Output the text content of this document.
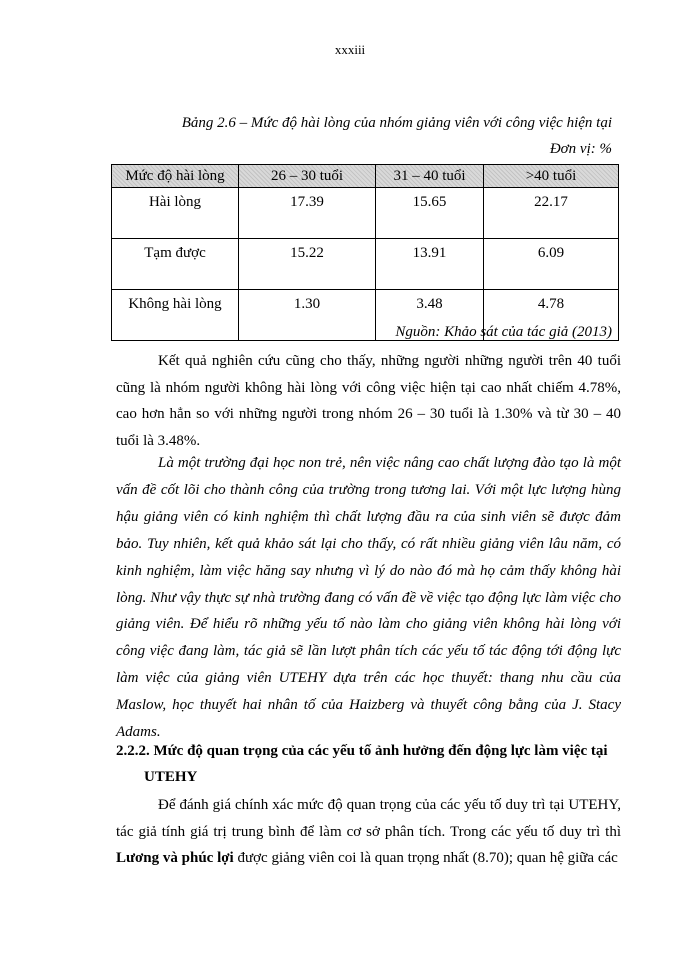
xxxiii
Bảng 2.6 – Mức độ hài lòng của nhóm giảng viên với công việc hiện tại
Đơn vị: %
Mức độ hài lòng	26 – 30 tuổi	31 – 40 tuổi	>40 tuổi
Hài lòng	17.39	15.65	22.17
Tạm được	15.22	13.91	6.09
Không hài lòng	1.30	3.48	4.78
Nguồn: Khảo sát của tác giả (2013)

Kết quả nghiên cứu cũng cho thấy, những người những người trên 40 tuổi cũng là nhóm người không hài lòng với công việc hiện tại cao nhất chiếm 4.78%, cao hơn hẳn so với những người trong nhóm 26 – 30 tuổi là 1.30% và từ 30 – 40 tuổi là 3.48%.

Là một trường đại học non trẻ, nên việc nâng cao chất lượng đào tạo là một vấn đề cốt lõi cho thành công của trường trong tương lai. Với một lực lượng hùng hậu giảng viên có kinh nghiệm thì chất lượng đầu ra của sinh viên sẽ được đảm bảo. Tuy nhiên, kết quả khảo sát lại cho thấy, có rất nhiều giảng viên lâu năm, có kinh nghiệm, làm việc hăng say nhưng vì lý do nào đó mà họ cảm thấy không hài lòng. Như vậy thực sự nhà trường đang có vấn đề về việc tạo động lực làm việc cho giảng viên. Để hiểu rõ những yếu tố nào làm cho giảng viên không hài lòng với công việc đang làm, tác giả sẽ lần lượt phân tích các yếu tố tác động tới động lực làm việc của giảng viên UTEHY dựa trên các học thuyết: thang nhu cầu của Maslow, học thuyết hai nhân tố của Haizberg và thuyết công bằng của J. Stacy Adams.

2.2.2. Mức độ quan trọng của các yếu tố ảnh hưởng đến động lực làm việc tại
UTEHY

Để đánh giá chính xác mức độ quan trọng của các yếu tố duy trì tại UTEHY, tác giả tính giá trị trung bình để làm cơ sở phân tích. Trong các yếu tố duy trì thì Lương và phúc lợi được giảng viên coi là quan trọng nhất (8.70); quan hệ giữa các
